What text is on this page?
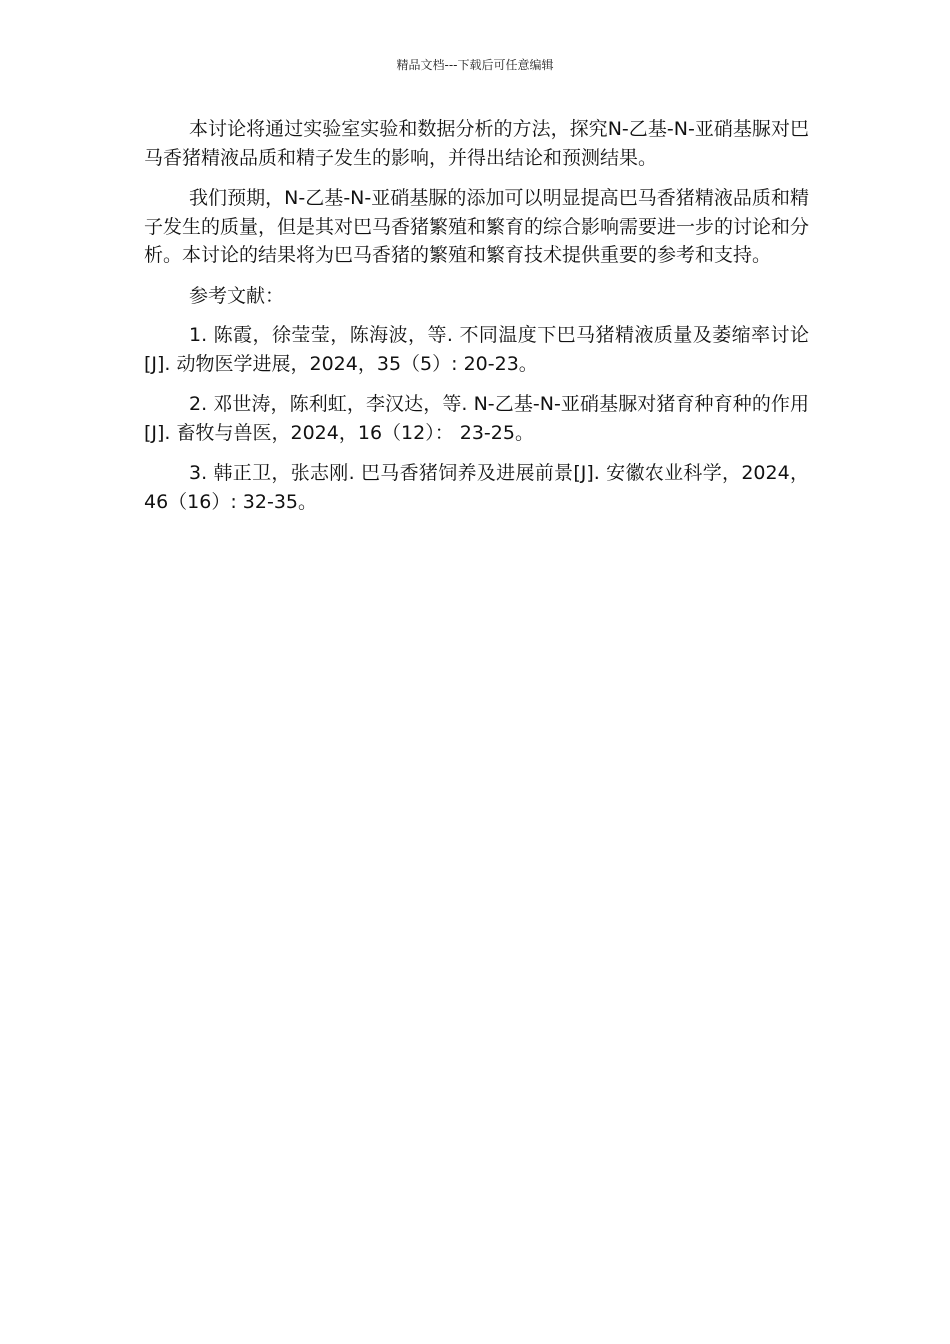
精品文档---下载后可任意编辑

本讨论将通过实验室实验和数据分析的方法，探究N-乙基-N-亚硝基脲对巴马香猪精液品质和精子发生的影响，并得出结论和预测结果。

我们预期，N-乙基-N-亚硝基脲的添加可以明显提高巴马香猪精液品质和精子发生的质量，但是其对巴马香猪繁殖和繁育的综合影响需要进一步的讨论和分析。本讨论的结果将为巴马香猪的繁殖和繁育技术提供重要的参考和支持。

参考文献：

1. 陈霞，徐莹莹，陈海波，等. 不同温度下巴马猪精液质量及萎缩率讨论[J]. 动物医学进展，2024，35（5）: 20-23。

2. 邓世涛，陈利虹，李汉达，等. N-乙基-N-亚硝基脲对猪育种育种的作用[J]. 畜牧与兽医，2024，16（12）： 23-25。

3. 韩正卫，张志刚. 巴马香猪饲养及进展前景[J]. 安徽农业科学，2024，46（16）: 32-35。
